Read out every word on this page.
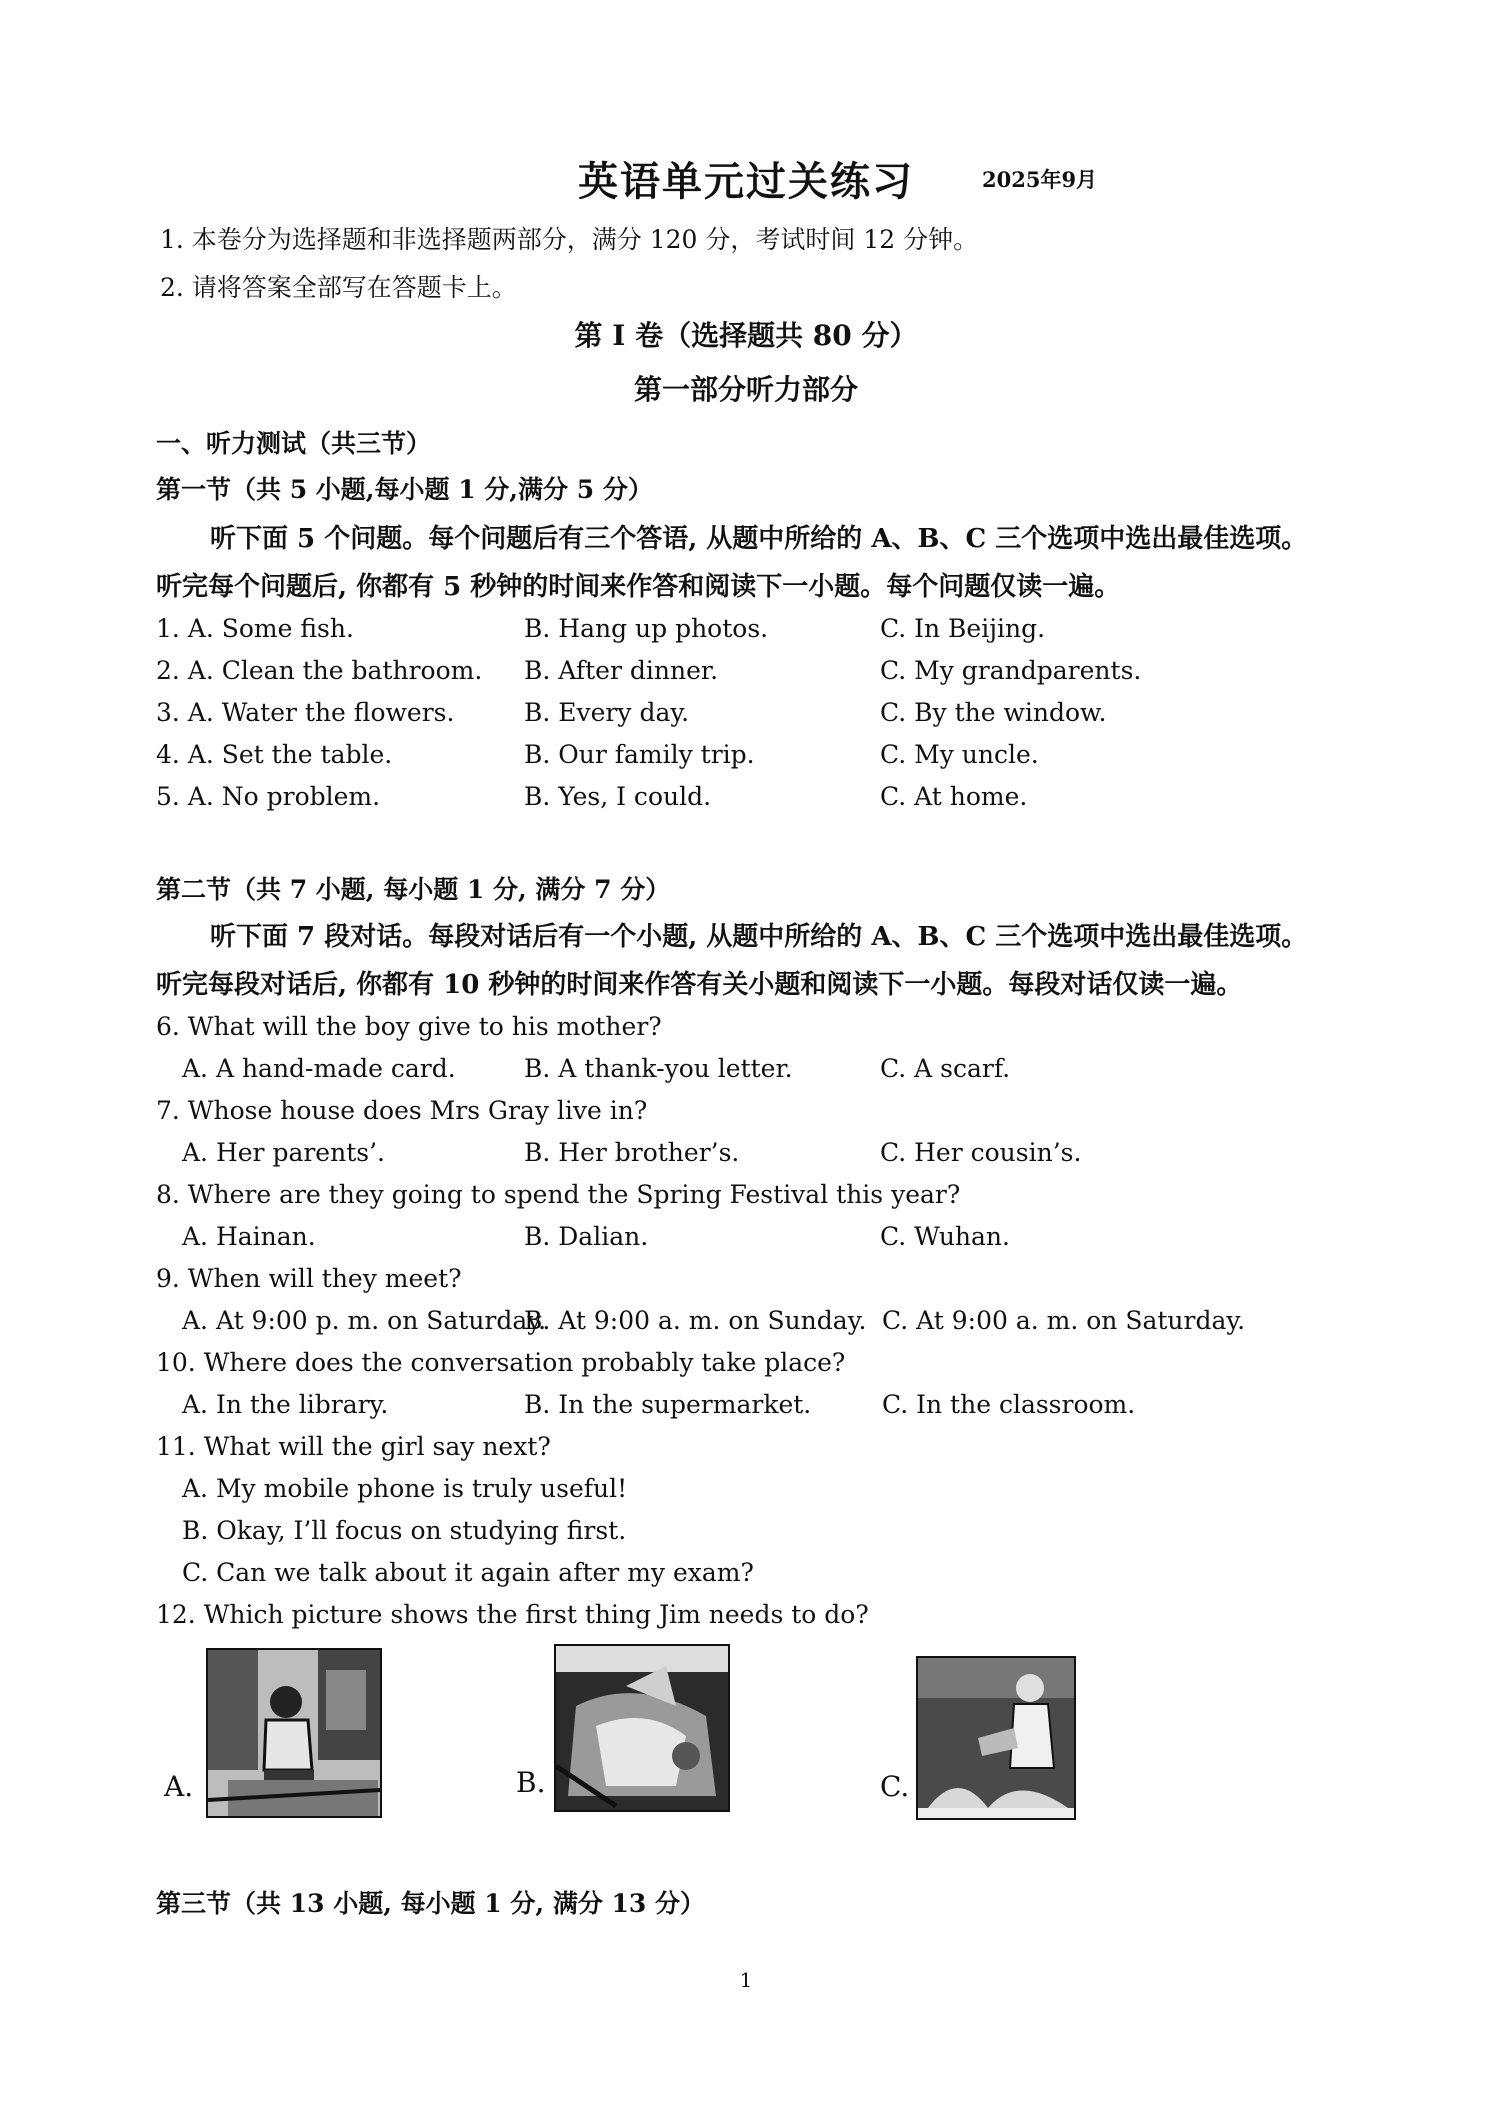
英语单元过关练习	2025年9月
1. 本卷分为选择题和非选择题两部分，满分 120 分，考试时间 12 分钟。
2. 请将答案全部写在答题卡上。
第 I 卷（选择题共 80 分）
第一部分听力部分
一、听力测试（共三节）
第一节（共 5 小题,每小题 1 分,满分 5 分）
听下面 5 个问题。每个问题后有三个答语, 从题中所给的 A、B、C 三个选项中选出最佳选项。
听完每个问题后, 你都有 5 秒钟的时间来作答和阅读下一小题。每个问题仅读一遍。
1. A. Some fish.	B. Hang up photos.	C. In Beijing.
2. A. Clean the bathroom. B. After dinner.	C. My grandparents.
3. A. Water the flowers.	B. Every day.	C. By the window.
4. A. Set the table.	B. Our family trip.	C. My uncle.
5. A. No problem.	B. Yes, I could.	C. At home.
第二节（共 7 小题, 每小题 1 分, 满分 7 分）
听下面 7 段对话。每段对话后有一个小题, 从题中所给的 A、B、C 三个选项中选出最佳选项。
听完每段对话后, 你都有 10 秒钟的时间来作答有关小题和阅读下一小题。每段对话仅读一遍。
6. What will the boy give to his mother?
A. A hand-made card.	B. A thank-you letter.	C. A scarf.
7. Whose house does Mrs Gray live in?
A. Her parents’.	B. Her brother’s.	C. Her cousin’s.
8. Where are they going to spend the Spring Festival this year?
A. Hainan.	B. Dalian.	C. Wuhan.
9. When will they meet?
A. At 9:00 p. m. on Saturday.
B. At 9:00 a. m. on Sunday. C. At 9:00 a. m. on Saturday.
10. Where does the conversation probably take place?
A. In the library.	B. In the supermarket.	C. In the classroom.
11. What will the girl say next?
A. My mobile phone is truly useful!
B. Okay, I’ll focus on studying first.
C. Can we talk about it again after my exam?
12. Which picture shows the first thing Jim needs to do?
A.	B.	C.
第三节（共 13 小题, 每小题 1 分, 满分 13 分）
1
